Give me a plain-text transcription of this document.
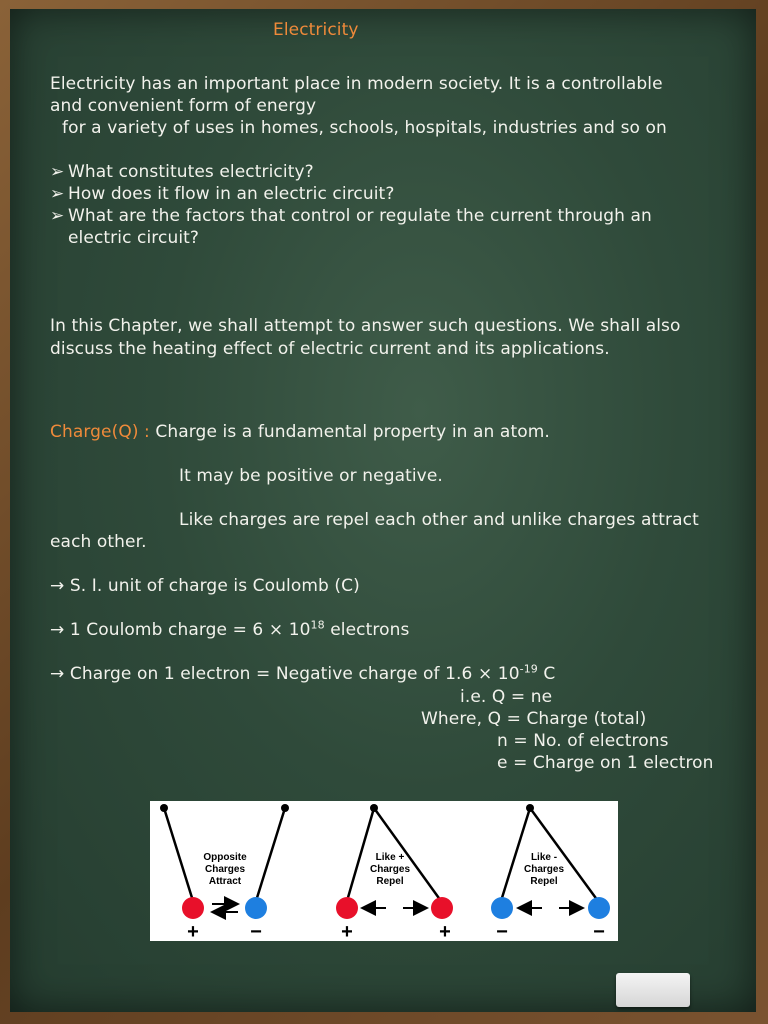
Electricity
Electricity has an important place in modern society. It is a controllable
and convenient form of energy
for a variety of uses in homes, schools, hospitals, industries and so on
➢ What constitutes electricity?
➢ How does it flow in an electric circuit?
➢ What are the factors that control or regulate the current through an
electric circuit?
In this Chapter, we shall attempt to answer such questions. We shall also
discuss the heating effect of electric current and its applications.
Charge(Q) : Charge is a fundamental property in an atom.
It may be positive or negative.
Like charges are repel each other and unlike charges attract
each other.
→ S. I. unit of charge is Coulomb (C)
→ 1 Coulomb charge = $6 \times 10^{18}$ electrons
→ Charge on 1 electron = Negative charge of $1.6 \times 10^{-19}$ C
i.e. Q = ne
Where, Q = Charge (total)
n = No. of electrons
e = Charge on 1 electron
Opposite
Charges
Attract
+	−
Like +
Charges
Repel
+	+
Like -
Charges
Repel
−	−
